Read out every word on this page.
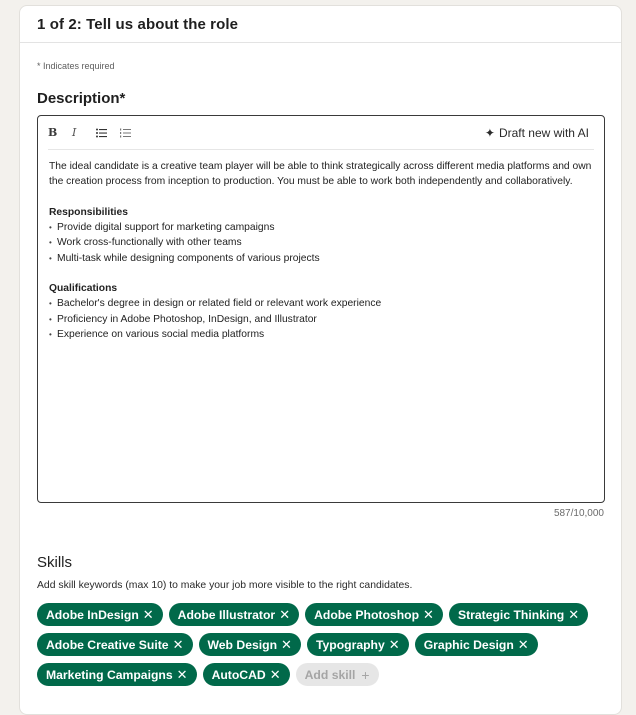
1 of 2: Tell us about the role
* Indicates required
Description*
B	I	✦ Draft new with AI

The ideal candidate is a creative team player will be able to think strategically across different media platforms and own the creation process from inception to production. You must be able to work both independently and collaboratively.

Responsibilities
• Provide digital support for marketing campaigns
• Work cross-functionally with other teams
• Multi-task while designing components of various projects
Qualifications
• Bachelor's degree in design or related field or relevant work experience
• Proficiency in Adobe Photoshop, InDesign, and Illustrator
• Experience on various social media platforms
587/10,000
Skills
Add skill keywords (max 10) to make your job more visible to the right candidates.
Adobe InDesign ✕ Adobe Illustrator ✕ Adobe Photoshop ✕ Strategic Thinking ✕
Adobe Creative Suite ✕ Web Design ✕ Typography ✕ Graphic Design ✕
Marketing Campaigns ✕ AutoCAD ✕ Add skill +
